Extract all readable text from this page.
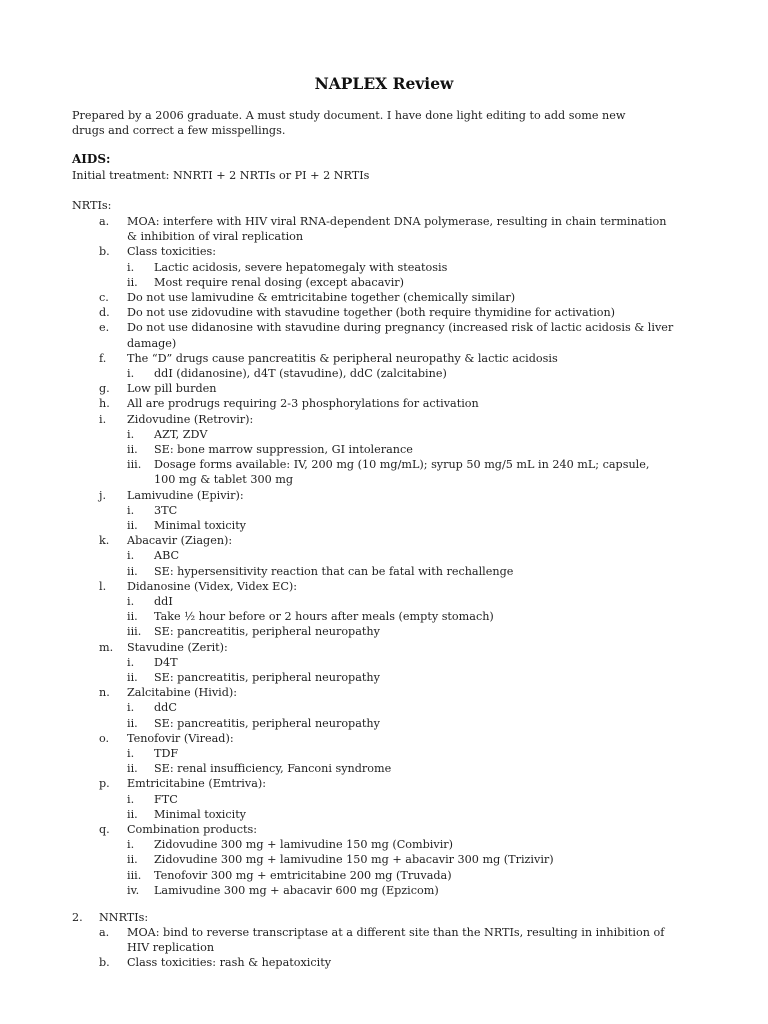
NAPLEX Review
Prepared by a 2006 graduate. A must study document. I have done light editing to add some new
drugs and correct a few misspellings.
AIDS:
Initial treatment: NNRTI + 2 NRTIs or PI + 2 NRTIs
NRTIs:
a. MOA: interfere with HIV viral RNA-dependent DNA polymerase, resulting in chain termination
& inhibition of viral replication
b. Class toxicities:
i. Lactic acidosis, severe hepatomegaly with steatosis
ii. Most require renal dosing (except abacavir)
c. Do not use lamivudine & emtricitabine together (chemically similar)
d. Do not use zidovudine with stavudine together (both require thymidine for activation)
e. Do not use didanosine with stavudine during pregnancy (increased risk of lactic acidosis & liver
damage)
f. The “D” drugs cause pancreatitis & peripheral neuropathy & lactic acidosis
i. ddI (didanosine), d4T (stavudine), ddC (zalcitabine)
g. Low pill burden
h. All are prodrugs requiring 2-3 phosphorylations for activation
i. Zidovudine (Retrovir):
i. AZT, ZDV
ii. SE: bone marrow suppression, GI intolerance
iii. Dosage forms available: IV, 200 mg (10 mg/mL); syrup 50 mg/5 mL in 240 mL; capsule,
100 mg & tablet 300 mg
j. Lamivudine (Epivir):
i. 3TC
ii. Minimal toxicity
k. Abacavir (Ziagen):
i. ABC
ii. SE: hypersensitivity reaction that can be fatal with rechallenge
l. Didanosine (Videx, Videx EC):
i. ddI
ii. Take ½ hour before or 2 hours after meals (empty stomach)
iii. SE: pancreatitis, peripheral neuropathy
m. Stavudine (Zerit):
i. D4T
ii. SE: pancreatitis, peripheral neuropathy
n. Zalcitabine (Hivid):
i. ddC
ii. SE: pancreatitis, peripheral neuropathy
o. Tenofovir (Viread):
i. TDF
ii. SE: renal insufficiency, Fanconi syndrome
p. Emtricitabine (Emtriva):
i. FTC
ii. Minimal toxicity
q. Combination products:
i. Zidovudine 300 mg + lamivudine 150 mg (Combivir)
ii. Zidovudine 300 mg + lamivudine 150 mg + abacavir 300 mg (Trizivir)
iii. Tenofovir 300 mg + emtricitabine 200 mg (Truvada)
iv. Lamivudine 300 mg + abacavir 600 mg (Epzicom)
2. NNRTIs:
a. MOA: bind to reverse transcriptase at a different site than the NRTIs, resulting in inhibition of
HIV replication
b. Class toxicities: rash & hepatoxicity
